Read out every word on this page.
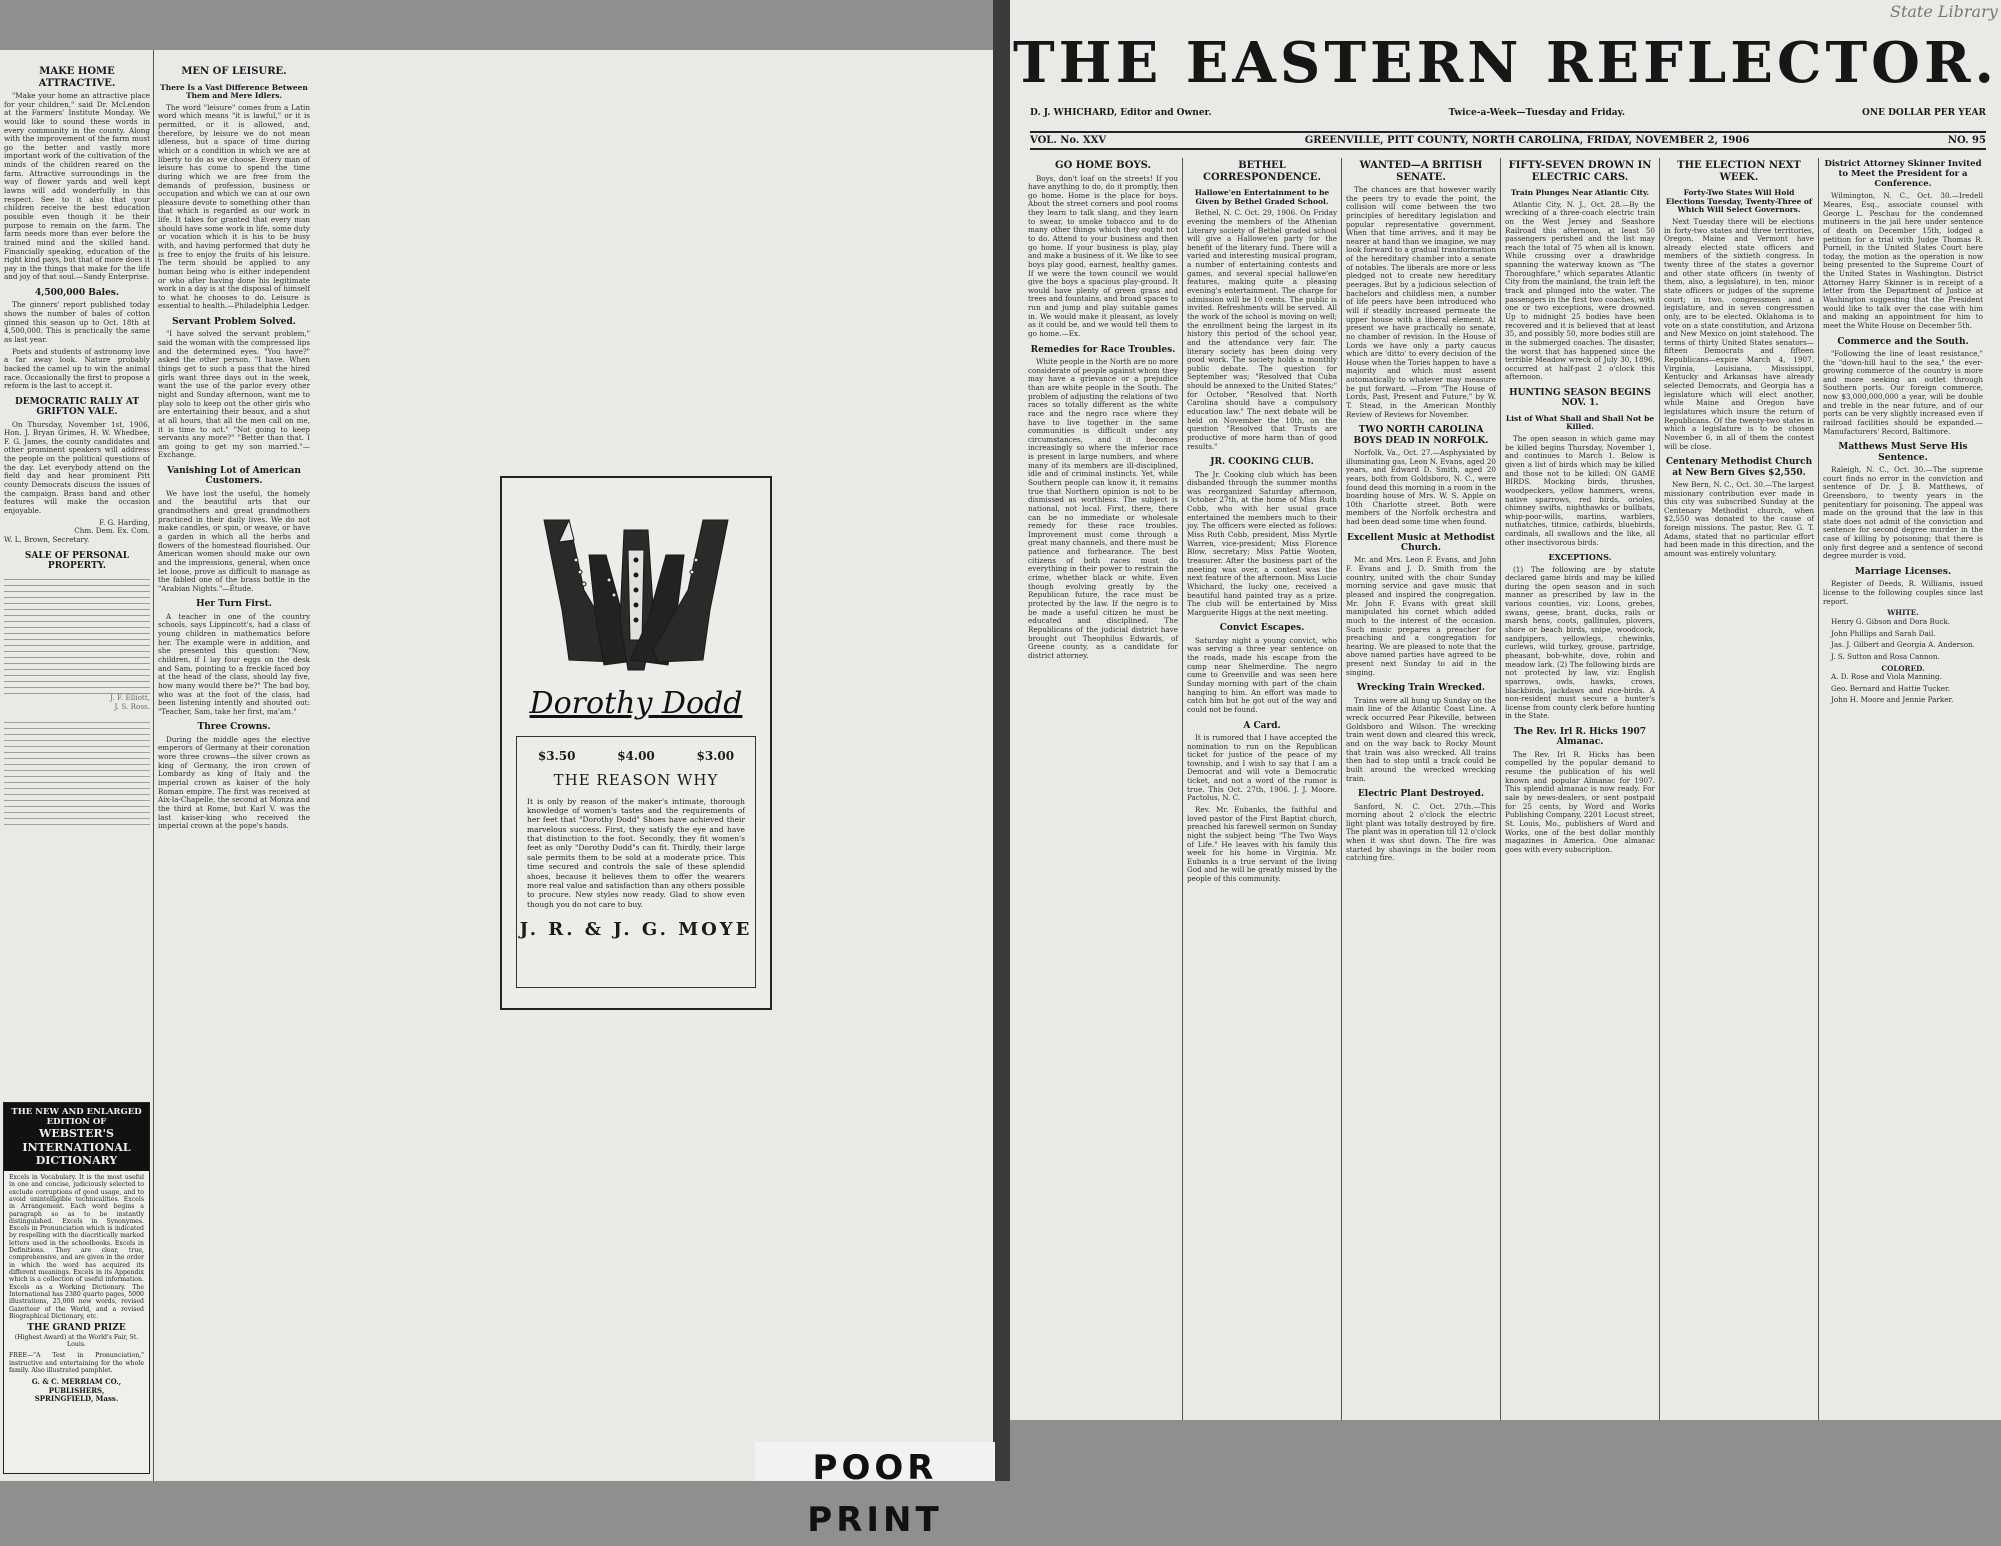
MAKE HOME ATTRACTIVE.

"Make your home an attractive place for your children," said Dr. McLendon at the Farmers' Institute Monday. We would like to sound these words in every community in the county. Along with the improvement of the farm must go the better and vastly more important work of the cultivation of the minds of the children reared on the farm. Attractive surroundings in the way of flower yards and well kept lawns will add wonderfully in this respect. See to it also that your children receive the best education possible even though it be their purpose to remain on the farm. The farm needs more than ever before the trained mind and the skilled hand. Financially speaking, education of the right kind pays, but that of more does it pay in the things that make for the life and joy of that soul.—Sandy Enterprise.

4,500,000 Bales.

The ginners' report published today shows the number of bales of cotton ginned this season up to Oct. 18th at 4,500,000. This is practically the same as last year.

Poets and students of astronomy love a far away look. Nature probably backed the camel up to win the animal race. Occasionally the first to propose a reform is the last to accept it.

DEMOCRATIC RALLY AT GRIFTON VALE.

On Thursday, November 1st, 1906, Hon. J. Bryan Grimes, H. W. Whedbee, F. G. James, the county candidates and other prominent speakers will address the people on the political questions of the day. Let everybody attend on the field day and hear prominent Pitt county Democrats discuss the issues of the campaign. Brass band and other features will make the occasion enjoyable.

F. G. Harding,
Chm. Dem. Ex. Com.
W. L. Brown, Secretary.
SALE OF PERSONAL PROPERTY.
J. F. Elliott,
J. S. Ross.
THE NEW AND ENLARGED EDITION OF
WEBSTER'S INTERNATIONAL DICTIONARY

Excels in Vocabulary. It is the most useful in one and concise, judiciously selected to exclude corruptions of good usage, and to avoid unintelligible technicalities. Excels in Arrangement. Each word begins a paragraph so as to be instantly distinguished. Excels in Synonymes. Excels in Pronunciation which is indicated by respelling with the diacritically marked letters used in the schoolbooks. Excels in Definitions. They are clear, true, comprehensive, and are given in the order in which the word has acquired its different meanings. Excels in its Appendix which is a collection of useful information. Excels as a Working Dictionary. The International has 2380 quarto pages, 5000 illustrations, 25,000 new words, revised Gazetteer of the World, and a revised Biographical Dictionary, etc.

THE GRAND PRIZE
(Highest Award) at the World's Fair, St. Louis.

FREE—"A Test in Pronunciation," instructive and entertaining for the whole family. Also illustrated pamphlet.

G. & C. MERRIAM CO.,
PUBLISHERS,
SPRINGFIELD, Mass.
MEN OF LEISURE.
There Is a Vast Difference Between Them and Mere Idlers.

The word "leisure" comes from a Latin word which means "it is lawful," or it is permitted, or it is allowed, and, therefore, by leisure we do not mean idleness, but a space of time during which or a condition in which we are at liberty to do as we choose. Every man of leisure has come to spend the time during which we are free from the demands of profession, business or occupation and which we can at our own pleasure devote to something other than that which is regarded as our work in life. It takes for granted that every man should have some work in life, some duty or vocation which it is his to be busy with, and having performed that duty he is free to enjoy the fruits of his leisure. The term should be applied to any human being who is either independent or who after having done his legitimate work in a day is at the disposal of himself to what he chooses to do. Leisure is essential to health.—Philadelphia Ledger.

Servant Problem Solved.

"I have solved the servant problem," said the woman with the compressed lips and the determined eyes. "You have?" asked the other person. "I have. When things get to such a pass that the hired girls want three days out in the week, want the use of the parlor every other night and Sunday afternoon, want me to play solo to keep out the other girls who are entertaining their beaux, and a shut at all hours, that all the men call on me, it is time to act." "Not going to keep servants any more?" "Better than that. I am going to get my son married."—Exchange.

Vanishing Lot of American Customers.

We have lost the useful, the homely and the beautiful arts that our grandmothers and great grandmothers practiced in their daily lives. We do not make candles, or spin, or weave, or have a garden in which all the herbs and flowers of the homestead flourished. Our American women should make our own and the impressions, general, when once let loose, prove as difficult to manage as the fabled one of the brass bottle in the "Arabian Nights."—Étude.

Her Turn First.

A teacher in one of the country schools, says Lippincott's, had a class of young children in mathematics before her. The example were in addition, and she presented this question: "Now, children, if I lay four eggs on the desk and Sam, pointing to a freckle faced boy at the head of the class, should lay five, how many would there be?" The bad boy, who was at the foot of the class, had been listening intently and shouted out: "Teacher, Sam, take her first, ma'am."

Three Crowns.

During the middle ages the elective emperors of Germany at their coronation wore three crowns—the silver crown as king of Germany, the iron crown of Lombardy as king of Italy and the imperial crown as kaiser of the holy Roman empire. The first was received at Aix-la-Chapelle, the second at Monza and the third at Rome, but Karl V. was the last kaiser-king who received the imperial crown at the pope's hands.

Dorothy Dodd
$3.50	$4.00	$3.00
THE REASON WHY

It is only by reason of the maker's intimate, thorough knowledge of women's tastes and the requirements of her feet that "Dorothy Dodd" Shoes have achieved their marvelous success. First, they satisfy the eye and have that distinction to the foot. Secondly, they fit women's feet as only "Dorothy Dodd"s can fit. Thirdly, their large sale permits them to be sold at a moderate price. This time secured and controls the sale of these splendid shoes, because it believes them to offer the wearers more real value and satisfaction than any others possible to procure. New styles now ready. Glad to show even though you do not care to buy.

J. R. & J. G. MOYE
State Library
THE EASTERN REFLECTOR.
D. J. WHICHARD, Editor and Owner.	Twice-a-Week—Tuesday and Friday.	ONE DOLLAR PER YEAR
VOL. No. XXV	GREENVILLE, PITT COUNTY, NORTH CAROLINA, FRIDAY, NOVEMBER 2, 1906	NO. 95
GO HOME BOYS.

Boys, don't loaf on the streets! If you have anything to do, do it promptly, then go home. Home is the place for boys. About the street corners and pool rooms they learn to talk slang, and they learn to swear, to smoke tobacco and to do many other things which they ought not to do. Attend to your business and then go home. If your business is play, play and make a business of it. We like to see boys play good, earnest, healthy games. If we were the town council we would give the boys a spacious play-ground. It would have plenty of green grass and trees and fountains, and broad spaces to run and jump and play suitable games in. We would make it pleasant, as lovely as it could be, and we would tell them to go home.—Ex.

Remedies for Race Troubles.

White people in the North are no more considerate of people against whom they may have a grievance or a prejudice than are white people in the South. The problem of adjusting the relations of two races so totally different as the white race and the negro race where they have to live together in the same communities is difficult under any circumstances, and it becomes increasingly so where the inferior race is present in large numbers, and where many of its members are ill-disciplined, idle and of criminal instincts. Yet, while Southern people can know it, it remains true that Northern opinion is not to be dismissed as worthless. The subject is national, not local. First, there, there can be no immediate or wholesale remedy for these race troubles. Improvement must come through a great many channels, and there must be patience and forbearance. The best citizens of both races must do everything in their power to restrain the crime, whether black or white. Even though evolving greatly by the Republican future, the race must be protected by the law. If the negro is to be made a useful citizen he must be educated and disciplined. The Republicans of the judicial district have brought out Theophilus Edwards, of Greene county, as a candidate for district attorney.

BETHEL CORRESPONDENCE.
Hallowe'en Entertainment to be Given by Bethel Graded School.

Bethel, N. C. Oct. 29, 1906. On Friday evening the members of the Athenian Literary society of Bethel graded school will give a Hallowe'en party for the benefit of the literary fund. There will a varied and interesting musical program, a number of entertaining contests and games, and several special hallowe'en features, making quite a pleasing evening's entertainment. The charge for admission will be 10 cents. The public is invited. Refreshments will be served. All the work of the school is moving on well; the enrollment being the largest in its history this period of the school year, and the attendance very fair. The literary society has been doing very good work. The society holds a monthly public debate. The question for September was; "Resolved that Cuba should be annexed to the United States;" for October, "Resolved that North Carolina should have a compulsory education law." The next debate will be held on November the 10th, on the question "Resolved that Trusts are productive of more harm than of good results."

JR. COOKING CLUB.

The Jr. Cooking club which has been disbanded through the summer months was reorganized Saturday afternoon, October 27th, at the home of Miss Ruth Cobb, who with her usual grace entertained the members much to their joy. The officers were elected as follows: Miss Ruth Cobb, president, Miss Myrtle Warren, vice-president; Miss Florence Blow, secretary; Miss Pattie Wooten, treasurer. After the business part of the meeting was over, a contest was the next feature of the afternoon. Miss Lucie Whichard, the lucky one, received a beautiful hand painted tray as a prize. The club will be entertained by Miss Marguerite Higgs at the next meeting.

Convict Escapes.

Saturday night a young convict, who was serving a three year sentence on the roads, made his escape from the camp near Shelmerdine. The negro came to Greenville and was seen here Sunday morning with part of the chain hanging to him. An effort was made to catch him but he got out of the way and could not be found.

A Card.

It is rumored that I have accepted the nomination to run on the Republican ticket for justice of the peace of my township, and I wish to say that I am a Democrat and will vote a Democratic ticket, and not a word of the rumor is true. This Oct. 27th, 1906. J. J. Moore. Pactolus, N. C.

Rev. Mr. Eubanks, the faithful and loved pastor of the First Baptist church, preached his farewell sermon on Sunday night the subject being "The Two Ways of Life." He leaves with his family this week for his home in Virginia. Mr. Eubanks is a true servant of the living God and he will be greatly missed by the people of this community.

WANTED—A BRITISH SENATE.

The chances are that however warily the peers try to evade the point, the collision will come between the two principles of hereditary legislation and popular representative government. When that time arrives, and it may be nearer at hand than we imagine, we may look forward to a gradual transformation of the hereditary chamber into a senate of notables. The liberals are more or less pledged not to create new hereditary peerages. But by a judicious selection of bachelors and childless men, a number of life peers have been introduced who will if steadily increased permeate the upper house with a liberal element. At present we have practically no senate, no chamber of revision. In the House of Lords we have only a party caucus which are 'ditto' to every decision of the House when the Tories happen to have a majority and which must assent automatically to whatever may measure be put forward. —From "The House of Lords, Past, Present and Future," by W. T. Stead, in the American Monthly Review of Reviews for November.

TWO NORTH CAROLINA BOYS DEAD IN NORFOLK.

Norfolk, Va., Oct. 27.—Asphyxiated by illuminating gas, Leon N. Evans, aged 20 years, and Edward D. Smith, aged 20 years, both from Goldsboro, N. C., were found dead this morning in a room in the boarding house of Mrs. W. S. Apple on 10th Charlotte street. Both were members of the Norfolk orchestra and had been dead some time when found.

Excellent Music at Methodist Church.

Mr. and Mrs. Leon F. Evans, and John F. Evans and J. D. Smith from the country, united with the choir Sunday morning service and gave music that pleased and inspired the congregation. Mr. John F. Evans with great skill manipulated his cornet which added much to the interest of the occasion. Such music prepares a preacher for preaching and a congregation for hearing. We are pleased to note that the above named parties have agreed to be present next Sunday to aid in the singing.

Wrecking Train Wrecked.

Trains were all hung up Sunday on the main line of the Atlantic Coast Line. A wreck occurred Pear Pikeville, between Goldsboro and Wilson. The wrecking train went down and cleared this wreck, and on the way back to Rocky Mount that train was also wrecked. All trains then had to stop until a track could be built around the wrecked wrecking train.

Electric Plant Destroyed.

Sanford, N. C. Oct. 27th.—This morning about 2 o'clock the electric light plant was totally destroyed by fire. The plant was in operation till 12 o'clock when it was shut down. The fire was started by shavings in the boiler room catching fire.

FIFTY-SEVEN DROWN IN ELECTRIC CARS.
Train Plunges Near Atlantic City.

Atlantic City, N. J., Oct. 28.—By the wrecking of a three-coach electric train on the West Jersey and Seashore Railroad this afternoon, at least 50 passengers perished and the list may reach the total of 75 when all is known. While crossing over a drawbridge spanning the waterway known as "The Thoroughfare," which separates Atlantic City from the mainland, the train left the track and plunged into the water. The passengers in the first two coaches, with one or two exceptions, were drowned. Up to midnight 25 bodies have been recovered and it is believed that at least 35, and possibly 50, more bodies still are in the submerged coaches. The disaster, the worst that has happened since the terrible Meadow wreck of July 30, 1896, occurred at half-past 2 o'clock this afternoon.

HUNTING SEASON BEGINS NOV. 1.
List of What Shall and Shall Not be Killed.

The open season in which game may be killed begins Thursday, November 1, and continues to March 1. Below is given a list of birds which may be killed and those not to be killed: ON GAME BIRDS. Mocking birds, thrushes, woodpeckers, yellow hammers, wrens, native sparrows, red birds, orioles, chimney swifts, nighthawks or bullbats, whip-poor-wills, martins, warblers, nuthatches, titmice, catbirds, bluebirds, cardinals, all swallows and the like, all other insectivorous birds.

EXCEPTIONS.

(1) The following are by statute declared game birds and may be killed during the open season and in such manner as prescribed by law in the various counties, viz: Loons, grebes, swans, geese, brant, ducks, rails or marsh hens, coots, gallinules, plovers, shore or beach birds, snipe, woodcock, sandpipers, yellowlegs, chewinks, curlews, wild turkey, grouse, partridge, pheasant, bob-white, dove, robin and meadow lark. (2) The following birds are not protected by law, viz: English sparrows, owls, hawks, crows, blackbirds, jackdaws and rice-birds. A non-resident must secure a hunter's license from county clerk before hunting in the State.

The Rev. Irl R. Hicks 1907 Almanac.

The Rev. Irl R. Hicks has been compelled by the popular demand to resume the publication of his well known and popular Almanac for 1907. This splendid almanac is now ready. For sale by news-dealers, or sent postpaid for 25 cents, by Word and Works Publishing Company, 2201 Locust street, St. Louis, Mo., publishers of Word and Works, one of the best dollar monthly magazines in America. One almanac goes with every subscription.

THE ELECTION NEXT WEEK.
Forty-Two States Will Hold Elections Tuesday, Twenty-Three of Which Will Select Governors.

Next Tuesday there will be elections in forty-two states and three territories, Oregon, Maine and Vermont have already elected state officers and members of the sixtieth congress. In twenty three of the states a governor and other state officers (in twenty of them, also, a legislature), in ten, minor state officers or judges of the supreme court; in two, congressmen and a legislature, and in seven congressmen only, are to be elected. Oklahoma is to vote on a state constitution, and Arizona and New Mexico on joint statehood. The terms of thirty United States senators—fifteen Democrats and fifteen Republicans—expire March 4, 1907. Virginia, Louisiana, Mississippi, Kentucky and Arkansas have already selected Democrats, and Georgia has a legislature which will elect another, while Maine and Oregon have legislatures which insure the return of Republicans. Of the twenty-two states in which a legislature is to be chosen November 6, in all of them the contest will be close.

Centenary Methodist Church at New Bern Gives $2,550.

New Bern, N. C., Oct. 30.—The largest missionary contribution ever made in this city was subscribed Sunday at the Centenary Methodist church, when $2,550 was donated to the cause of foreign missions. The pastor, Rev. G. T. Adams, stated that no particular effort had been made in this direction, and the amount was entirely voluntary.

District Attorney Skinner Invited to Meet the President for a Conference.

Wilmington, N. C., Oct. 30.—Iredell Meares, Esq., associate counsel with George L. Peschau for the condemned mutineers in the jail here under sentence of death on December 15th, lodged a petition for a trial with Judge Thomas R. Purnell, in the United States Court here today, the motion as the operation is now being presented to the Supreme Court of the United States in Washington. District Attorney Harry Skinner is in receipt of a letter from the Department of Justice at Washington suggesting that the President would like to talk over the case with him and making an appointment for him to meet the White House on December 5th.

Commerce and the South.

"Following the line of least resistance," the "down-hill haul to the sea," the ever-growing commerce of the country is more and more seeking an outlet through Southern ports. Our foreign commerce, now $3,000,000,000 a year, will be double and treble in the near future, and of our ports can be very slightly increased even if railroad facilities should be expanded.—Manufacturers' Record, Baltimore.

Matthews Must Serve His Sentence.

Raleigh, N. C., Oct. 30.—The supreme court finds no error in the conviction and sentence of Dr. J. B. Matthews, of Greensboro, to twenty years in the penitentiary for poisoning. The appeal was made on the ground that the law in this state does not admit of the conviction and sentence for second degree murder in the case of killing by poisoning; that there is only first degree and a sentence of second degree murder is void.

Marriage Licenses.

Register of Deeds, R. Williams, issued license to the following couples since last report.

WHITE.

Henry G. Gibson and Dora Buck.

John Phillips and Sarah Dail.

Jas. J. Gilbert and Georgia A. Anderson.

J. S. Sutton and Rosa Cannon.

COLORED.

A. D. Rose and Viola Manning.

Geo. Bernard and Hattie Tucker.

John H. Moore and Jennie Parker.

POOR PRINT
